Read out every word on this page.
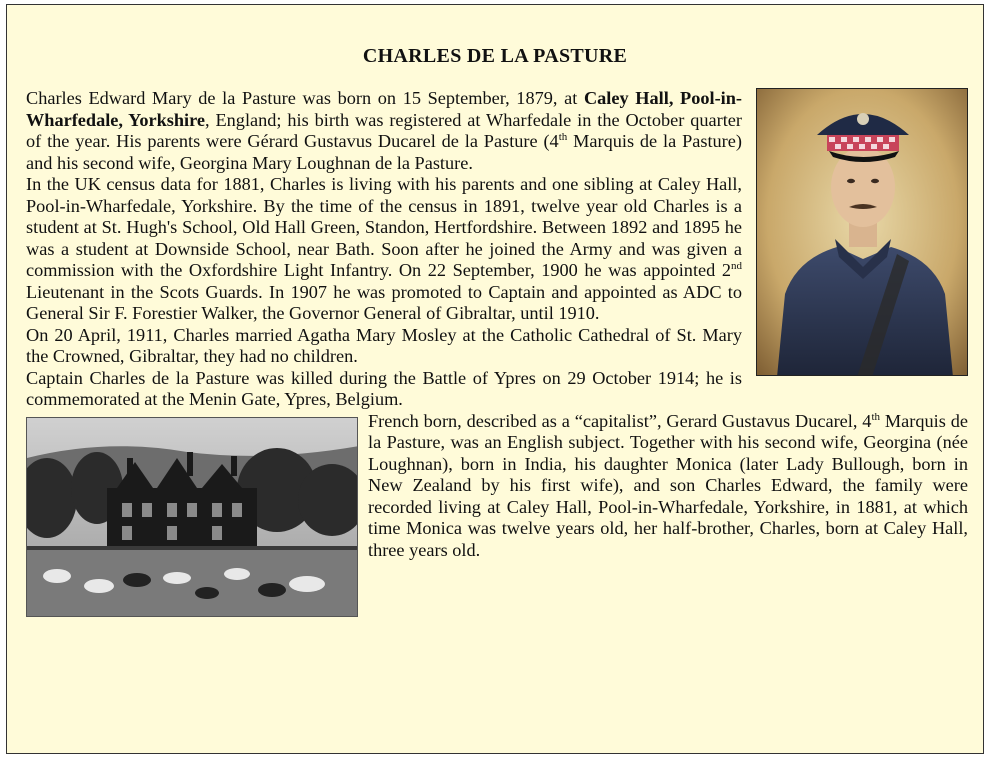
CHARLES DE LA PASTURE

Charles Edward Mary de la Pasture was born on 15 September, 1879, at Caley Hall, Pool-in-Wharfedale, Yorkshire, England; his birth was registered at Wharfedale in the October quarter of the year. His parents were Gérard Gustavus Ducarel de la Pasture (4th Marquis de la Pasture) and his second wife, Georgina Mary Loughnan de la Pasture.

In the UK census data for 1881, Charles is living with his parents and one sibling at Caley Hall, Pool-in-Wharfedale, Yorkshire. By the time of the census in 1891, twelve year old Charles is a student at St. Hugh's School, Old Hall Green, Standon, Hertfordshire. Between 1892 and 1895 he was a student at Downside School, near Bath. Soon after he joined the Army and was given a commission with the Oxfordshire Light Infantry. On 22 September, 1900 he was appointed 2nd Lieutenant in the Scots Guards. In 1907 he was promoted to Captain and appointed as ADC to General Sir F. Forestier Walker, the Governor General of Gibraltar, until 1910.

On 20 April, 1911, Charles married Agatha Mary Mosley at the Catholic Cathedral of St. Mary the Crowned, Gibraltar, they had no children.

Captain Charles de la Pasture was killed during the Battle of Ypres on 29 October 1914; he is commemorated at the Menin Gate, Ypres, Belgium.

French born, described as a “capitalist”, Gerard Gustavus Ducarel, 4th Marquis de la Pasture, was an English subject. Together with his second wife, Georgina (née Loughnan), born in India, his daughter Monica (later Lady Bullough, born in New Zealand by his first wife), and son Charles Edward, the family were recorded living at Caley Hall, Pool-in-Wharfedale, Yorkshire, in 1881, at which time Monica was twelve years old, her half-brother, Charles, born at Caley Hall, three years old.
